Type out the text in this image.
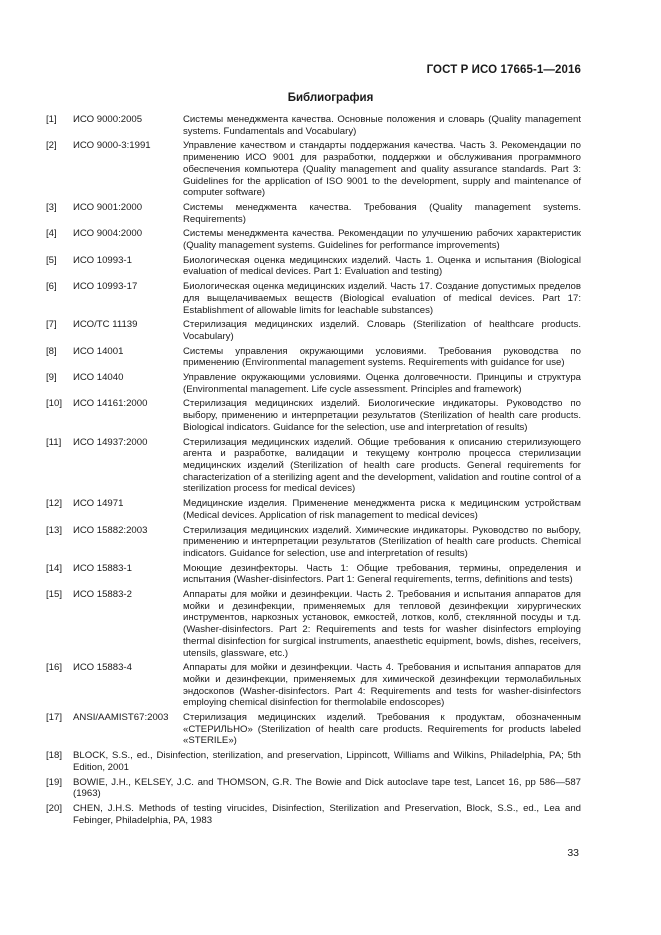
ГОСТ Р ИСО 17665-1—2016
Библиография
[1]	ИСО 9000:2005	Системы менеджмента качества. Основные положения и словарь (Quality management systems. Fundamentals and Vocabulary)
[2]	ИСО 9000-3:1991	Управление качеством и стандарты поддержания качества. Часть 3. Рекомендации по применению ИСО 9001 для разработки, поддержки и обслуживания программного обеспечения компьютера (Quality management and quality assurance standards. Part 3: Guidelines for the application of ISO 9001 to the development, supply and maintenance of computer software)
[3]	ИСО 9001:2000	Системы менеджмента качества. Требования (Quality management systems. Requirements)
[4]	ИСО 9004:2000	Системы менеджмента качества. Рекомендации по улучшению рабочих характеристик (Quality management systems. Guidelines for performance improvements)
[5]	ИСО 10993-1	Биологическая оценка медицинских изделий. Часть 1. Оценка и испытания (Biological evaluation of medical devices. Part 1: Evaluation and testing)
[6]	ИСО 10993-17	Биологическая оценка медицинских изделий. Часть 17. Создание допустимых пределов для выщелачиваемых веществ (Biological evaluation of medical devices. Part 17: Establishment of allowable limits for leachable substances)
[7]	ИСО/ТС 11139	Стерилизация медицинских изделий. Словарь (Sterilization of healthcare products. Vocabulary)
[8]	ИСО 14001	Системы управления окружающими условиями. Требования руководства по применению (Environmental management systems. Requirements with guidance for use)
[9]	ИСО 14040	Управление окружающими условиями. Оценка долговечности. Принципы и структура (Environmental management. Life cycle assessment. Principles and framework)
[10]	ИСО 14161:2000	Стерилизация медицинских изделий. Биологические индикаторы. Руководство по выбору, применению и интерпретации результатов (Sterilization of health care products. Biological indicators. Guidance for the selection, use and interpretation of results)
[11]	ИСО 14937:2000	Стерилизация медицинских изделий. Общие требования к описанию стерилизующего агента и разработке, валидации и текущему контролю процесса стерилизации медицинских изделий (Sterilization of health care products. General requirements for characterization of a sterilizing agent and the development, validation and routine control of a sterilization process for medical devices)
[12]	ИСО 14971	Медицинские изделия. Применение менеджмента риска к медицинским устройствам (Medical devices. Application of risk management to medical devices)
[13]	ИСО 15882:2003	Стерилизация медицинских изделий. Химические индикаторы. Руководство по выбору, применению и интерпретации результатов (Sterilization of health care products. Chemical indicators. Guidance for selection, use and interpretation of results)
[14]	ИСО 15883-1	Моющие дезинфекторы. Часть 1: Общие требования, термины, определения и испытания (Washer-disinfectors. Part 1: General requirements, terms, definitions and tests)
[15]	ИСО 15883-2	Аппараты для мойки и дезинфекции. Часть 2. Требования и испытания аппаратов для мойки и дезинфекции, применяемых для тепловой дезинфекции хирургических инструментов, наркозных установок, емкостей, лотков, колб, стеклянной посуды и т.д. (Washer-disinfectors. Part 2: Requirements and tests for washer disinfectors employing thermal disinfection for surgical instruments, anaesthetic equipment, bowls, dishes, receivers, utensils, glassware, etc.)
[16]	ИСО 15883-4	Аппараты для мойки и дезинфекции. Часть 4. Требования и испытания аппаратов для мойки и дезинфекции, применяемых для химической дезинфекции термолабильных эндоскопов (Washer-disinfectors. Part 4: Requirements and tests for washer-disinfectors employing chemical disinfection for thermolabile endoscopes)
[17]	ANSI/AAMIST67:2003	Стерилизация медицинских изделий. Требования к продуктам, обозначенным «СТЕРИЛЬНО» (Sterilization of health care products. Requirements for products labeled «STERILE»)
[18]	BLOCK, S.S., ed., Disinfection, sterilization, and preservation, Lippincott, Williams and Wilkins, Philadelphia, PA; 5th Edition, 2001
[19]	BOWIE, J.H., KELSEY, J.C. and THOMSON, G.R. The Bowie and Dick autoclave tape test, Lancet 16, pp 586—587 (1963)
[20]	CHEN, J.H.S. Methods of testing virucides, Disinfection, Sterilization and Preservation, Block, S.S., ed., Lea and Febinger, Philadelphia, PA, 1983
33
